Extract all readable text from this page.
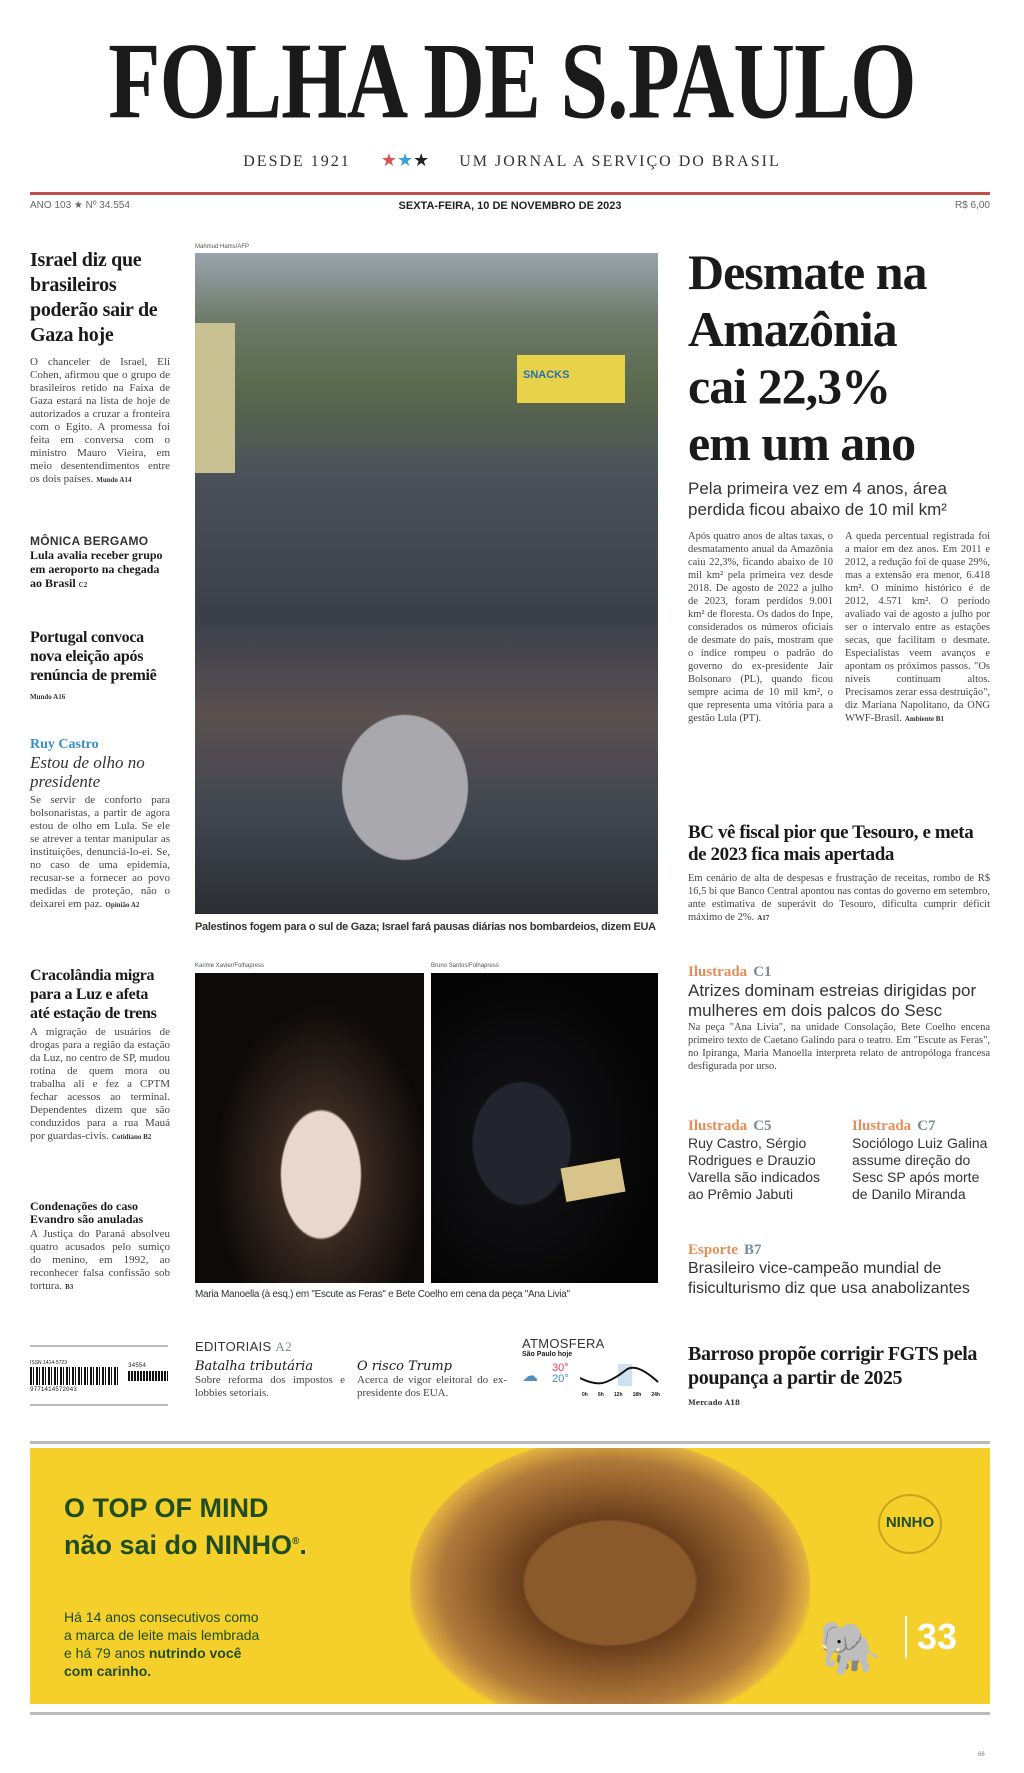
FOLHA DE S.PAULO
DESDE 1921 ★★★ UM JORNAL A SERVIÇO DO BRASIL
ANO 103 ★ Nº 34.554	SEXTA-FEIRA, 10 DE NOVEMBRO DE 2023	R$ 6,00
Israel diz que brasileiros poderão sair de Gaza hoje
O chanceler de Israel, Eli Cohen, afirmou que o grupo de brasileiros retido na Faixa de Gaza estará na lista de hoje de autorizados a cruzar a fronteira com o Egito. A promessa foi feita em conversa com o ministro Mauro Vieira, em meio desentendimentos entre os dois países. Mundo A14
MÔNICA BERGAMO
Lula avalia receber grupo em aeroporto na chegada ao Brasil C2
Portugal convoca nova eleição após renúncia de premiê
Mundo A16
Ruy Castro
Estou de olho no presidente
Se servir de conforto para bolsonaristas, a partir de agora estou de olho em Lula. Se ele se atrever a tentar manipular as instituições, denunciá-lo-ei. Se, no caso de uma epidemia, recusar-se a fornecer ao povo medidas de proteção, não o deixarei em paz. Opinião A2
Cracolândia migra para a Luz e afeta até estação de trens
A migração de usuários de drogas para a região da estação da Luz, no centro de SP, mudou rotina de quem mora ou trabalha ali e fez a CPTM fechar acessos ao terminal. Dependentes dizem que são conduzidos para a rua Mauá por guardas-civis. Cotidiano B2
Condenações do caso Evandro são anuladas
A Justiça do Paraná absolveu quatro acusados pelo sumiço do menino, em 1992, ao reconhecer falsa confissão sob tortura. B3
ISSN 1414-5723
9771414572043
34554
Mahmud Hams/AFP
SNACKS
Palestinos fogem para o sul de Gaza; Israel fará pausas diárias nos bombardeios, dizem EUA
Karime Xavier/Folhapress	Bruno Santos/Folhapress
Maria Manoella (à esq.) em "Escute as Feras" e Bete Coelho em cena da peça "Ana Livia"
EDITORIAIS A2
Batalha tributária
Sobre reforma dos impostos e lobbies setoriais.
O risco Trump
Acerca de vigor eleitoral do ex-presidente dos EUA.
ATMOSFERA
São Paulo hoje
☁ 30°
20°
0h 6h 12h 18h 24h
Desmate na Amazônia cai 22,3% em um ano
Pela primeira vez em 4 anos, área perdida ficou abaixo de 10 mil km²
Após quatro anos de altas taxas, o desmatamento anual da Amazônia caiu 22,3%, ficando abaixo de 10 mil km² pela primeira vez desde 2018. De agosto de 2022 a julho de 2023, foram perdidos 9.001 km² de floresta. Os dados do Inpe, considerados os números oficiais de desmate do país, mostram que o índice rompeu o padrão do governo do ex-presidente Jair Bolsonaro (PL), quando ficou sempre acima de 10 mil km², o que representa uma vitória para a gestão Lula (PT).
A queda percentual registrada foi a maior em dez anos. Em 2011 e 2012, a redução foi de quase 29%, mas a extensão era menor, 6.418 km². O mínimo histórico é de 2012, 4.571 km². O período avaliado vai de agosto a julho por ser o intervalo entre as estações secas, que facilitam o desmate. Especialistas veem avanços e apontam os próximos passos. "Os níveis continuam altos. Precisamos zerar essa destruição", diz Mariana Napolitano, da ONG WWF-Brasil. Ambiente B1
BC vê fiscal pior que Tesouro, e meta de 2023 fica mais apertada
Em cenário de alta de despesas e frustração de receitas, rombo de R$ 16,5 bi que Banco Central apontou nas contas do governo em setembro, ante estimativa de superávit do Tesouro, dificulta cumprir déficit máximo de 2%. A17
Ilustrada C1
Atrizes dominam estreias dirigidas por mulheres em dois palcos do Sesc
Na peça "Ana Livia", na unidade Consolação, Bete Coelho encena primeiro texto de Caetano Galindo para o teatro. Em "Escute as Feras", no Ipiranga, Maria Manoella interpreta relato de antropóloga francesa desfigurada por urso.
Ilustrada C5
Ruy Castro, Sérgio Rodrigues e Drauzio Varella são indicados ao Prêmio Jabuti
Ilustrada C7
Sociólogo Luiz Galina assume direção do Sesc SP após morte de Danilo Miranda
Esporte B7
Brasileiro vice-campeão mundial de fisiculturismo diz que usa anabolizantes
Barroso propõe corrigir FGTS pela poupança a partir de 2025
Mercado A18
O TOP OF MIND
não sai do NINHO®.
Há 14 anos consecutivos como a marca de leite mais lembrada e há 79 anos nutrindo você com carinho.
NINHO
🐘 33
66
